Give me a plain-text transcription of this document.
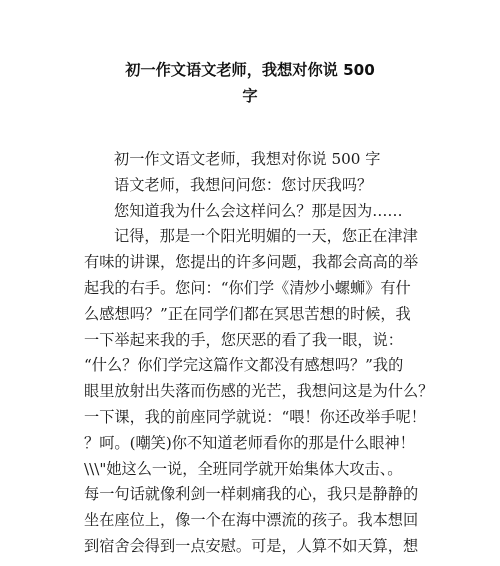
初一作文语文老师，我想对你说 500
字
初一作文语文老师，我想对你说 500 字
语文老师，我想问问您：您讨厌我吗？
您知道我为什么会这样问么？那是因为……
记得，那是一个阳光明媚的一天，您正在津津
有味的讲课，您提出的许多问题，我都会高高的举
起我的右手。您问：“你们学《清炒小螺蛳》有什
么感想吗？”正在同学们都在冥思苦想的时候，我
一下举起来我的手，您厌恶的看了我一眼，说：
“什么？你们学完这篇作文都没有感想吗？”我的
眼里放射出失落而伤感的光芒，我想问这是为什么？
一下课，我的前座同学就说：“喂！你还改举手呢！
？呵。(嘲笑)你不知道老师看你的那是什么眼神！
\\\"她这么一说，全班同学就开始集体大攻击、。
每一句话就像利剑一样刺痛我的心，我只是静静的
坐在座位上，像一个在海中漂流的孩子。我本想回
到宿舍会得到一点安慰。可是，人算不如天算，想
